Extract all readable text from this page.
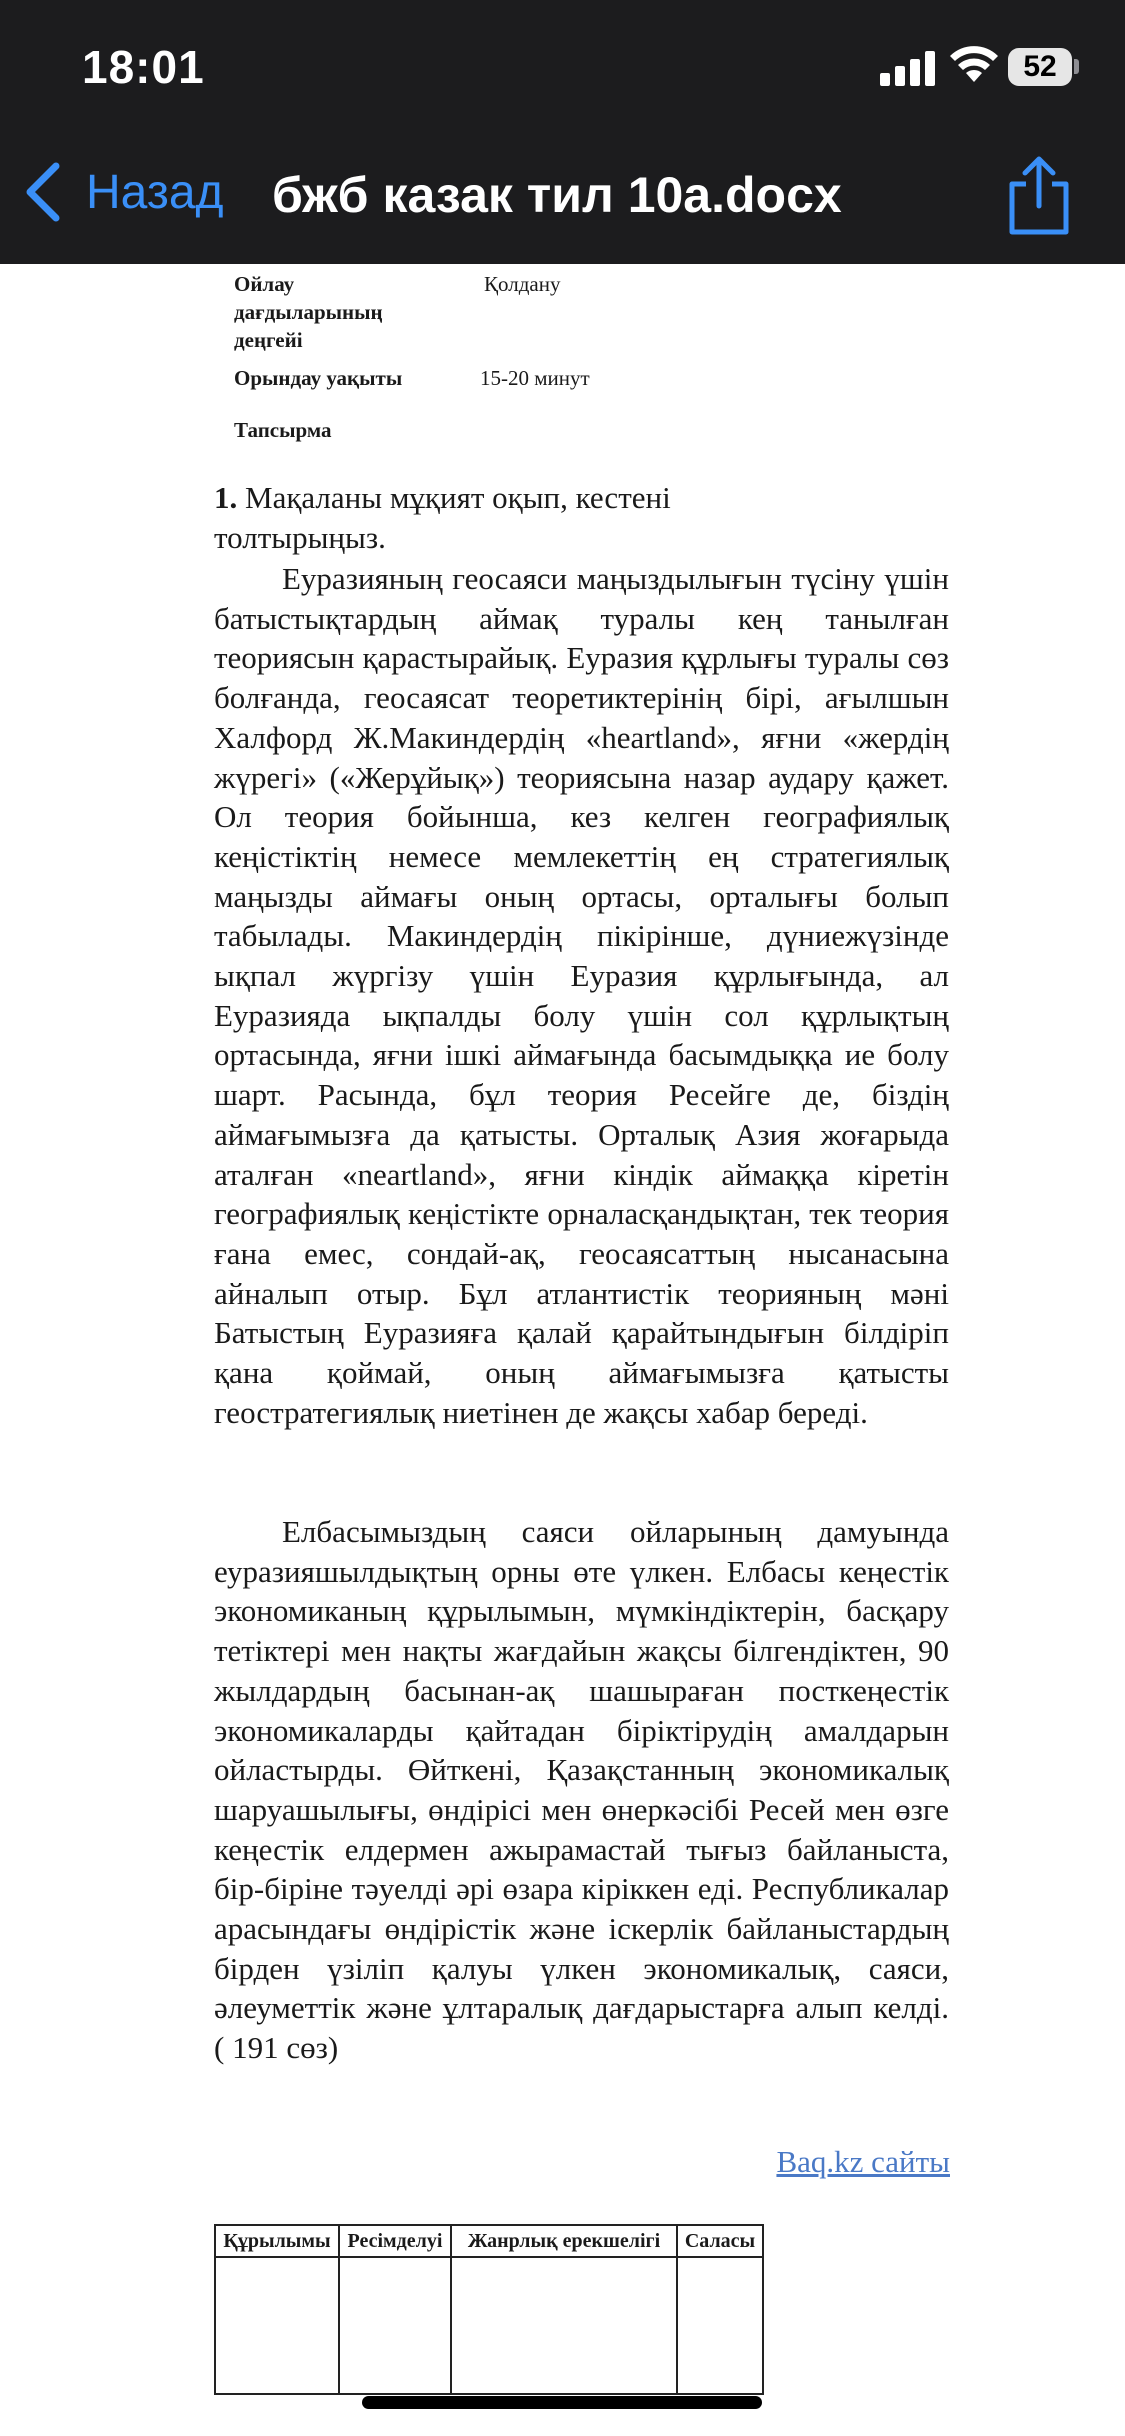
18:01	52
Назад бжб казак тил 10а.docx
Ойлау дағдыларының деңгейі
Қолдану
Орындау уақыты	15-20 минут
Тапсырма
1. Мақаланы мұқият оқып, кестені толтырыңыз.

Еуразияның геосаяси маңыздылығын түсіну үшін батыстықтардың аймақ туралы кең танылған теориясын қарастырайық. Еуразия құрлығы туралы сөз болғанда, геосаясат теоретиктерінің бірі, ағылшын Халфорд Ж.Макиндердің «heartland», яғни «жердің жүрегі» («Жерұйық») теориясына назар аудару қажет. Ол теория бойынша, кез келген географиялық кеңістіктің немесе мемлекеттің ең стратегиялық маңызды аймағы оның ортасы, орталығы болып табылады. Макиндердің пікірінше, дүниежүзінде ықпал жүргізу үшін Еуразия құрлығында, ал Еуразияда ықпалды болу үшін сол құрлықтың ортасында, яғни ішкі аймағында басымдыққа ие болу шарт. Расында, бұл теория Ресейге де, біздің аймағымызға да қатысты. Орталық Азия жоғарыда аталған «neartland», яғни кіндік аймаққа кіретін географиялық кеңістікте орналасқандықтан, тек теория ғана емес, сондай-ақ, геосаясаттың нысанасына айналып отыр. Бұл атлантистік теорияның мәні Батыстың Еуразияға қалай қарайтындығын білдіріп қана қоймай, оның аймағымызға қатысты геостратегиялық ниетінен де жақсы хабар береді.

Елбасымыздың саяси ойларының дамуында еуразияшылдықтың орны өте үлкен. Елбасы кеңестік экономиканың құрылымын, мүмкіндіктерін, басқару тетіктері мен нақты жағдайын жақсы білгендіктен, 90 жылдардың басынан-ақ шашыраған посткеңестік экономикаларды қайтадан біріктірудің амалдарын ойластырды. Өйткені, Қазақстанның экономикалық шаруашылығы, өндірісі мен өнеркәсібі Ресей мен өзге кеңестік елдермен ажырамастай тығыз байланыста, бір-біріне тәуелді әрі өзара кіріккен еді. Республикалар арасындағы өндірістік және іскерлік байланыстардың бірден үзіліп қалуы үлкен экономикалық, саяси, әлеуметтік және ұлтаралық дағдарыстарға алып келді. ( 191 сөз)

Baq.kz сайты
Құрылымы	Ресімделуі	Жанрлық ерекшелігі	Саласы
